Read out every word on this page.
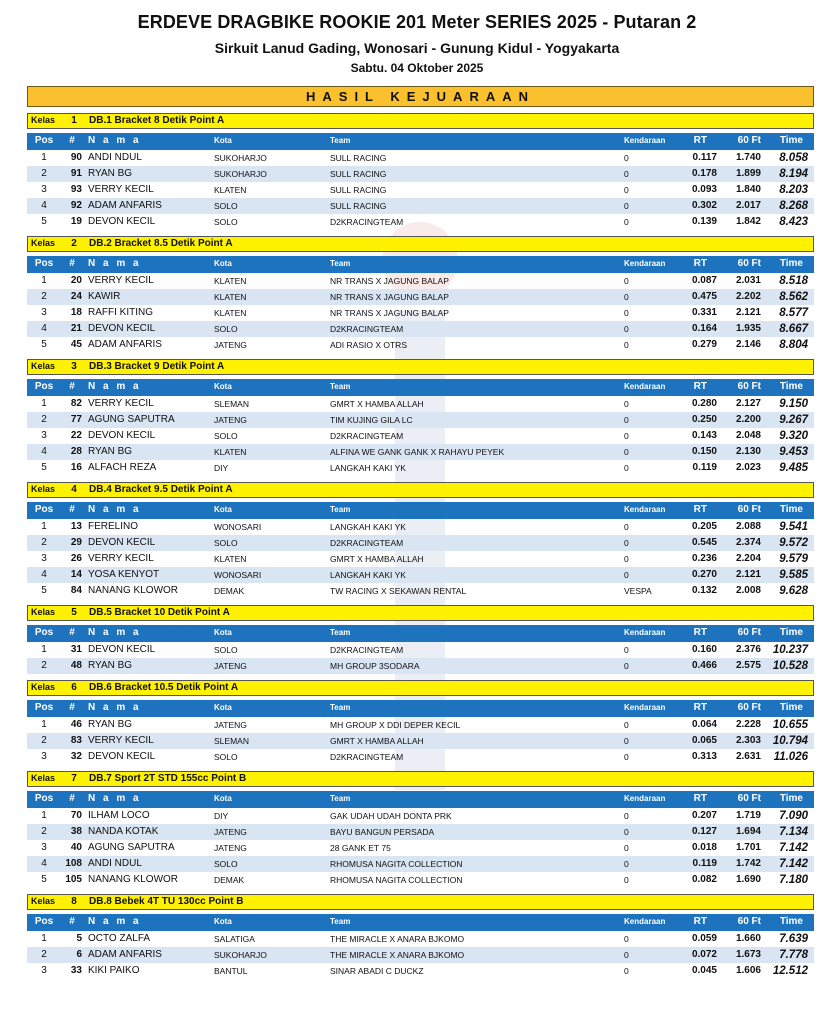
ERDEVE DRAGBIKE ROOKIE 201 Meter SERIES 2025 - Putaran 2
Sirkuit Lanud Gading, Wonosari - Gunung Kidul - Yogyakarta
Sabtu. 04 Oktober 2025
HASIL KEJUARAAN
Kelas	1	DB.1 Bracket 8 Detik Point A
Pos	#	N a m a	Kota	Team	Kendaraan	RT	60 Ft	Time
1	90 ANDI NDUL	SUKOHARJO	SULL RACING	0	0.117	1.740	8.058
2	91 RYAN BG	SUKOHARJO	SULL RACING	0	0.178	1.899	8.194
3	93 VERRY KECIL	KLATEN	SULL RACING	0	0.093	1.840	8.203
4	92 ADAM ANFARIS	SOLO	SULL RACING	0	0.302	2.017	8.268
5	19 DEVON KECIL	SOLO	D2KRACINGTEAM	0	0.139	1.842	8.423
Kelas	2	DB.2 Bracket 8.5 Detik Point A
Pos	#	N a m a	Kota	Team	Kendaraan	RT	60 Ft	Time
1	20 VERRY KECIL	KLATEN	NR TRANS X JAGUNG BALAP	0	0.087	2.031	8.518
2	24 KAWIR	KLATEN	NR TRANS X JAGUNG BALAP	0	0.475	2.202	8.562
3	18 RAFFI KITING	KLATEN	NR TRANS X JAGUNG BALAP	0	0.331	2.121	8.577
4	21 DEVON KECIL	SOLO	D2KRACINGTEAM	0	0.164	1.935	8.667
5	45 ADAM ANFARIS	JATENG	ADI RASIO X OTRS	0	0.279	2.146	8.804
Kelas	3	DB.3 Bracket 9 Detik Point A
Pos	#	N a m a	Kota	Team	Kendaraan	RT	60 Ft	Time
1	82 VERRY KECIL	SLEMAN	GMRT X HAMBA ALLAH	0	0.280	2.127	9.150
2	77 AGUNG SAPUTRA	JATENG	TIM KUJING GILA LC	0	0.250	2.200	9.267
3	22 DEVON KECIL	SOLO	D2KRACINGTEAM	0	0.143	2.048	9.320
4	28 RYAN BG	KLATEN	ALFINA WE GANK GANK X RAHAYU PEYEK	0	0.150	2.130	9.453
5	16 ALFACH REZA	DIY	LANGKAH KAKI YK	0	0.119	2.023	9.485
Kelas	4	DB.4 Bracket 9.5 Detik Point A
Pos	#	N a m a	Kota	Team	Kendaraan	RT	60 Ft	Time
1	13 FERELINO	WONOSARI	LANGKAH KAKI YK	0	0.205	2.088	9.541
2	29 DEVON KECIL	SOLO	D2KRACINGTEAM	0	0.545	2.374	9.572
3	26 VERRY KECIL	KLATEN	GMRT X HAMBA ALLAH	0	0.236	2.204	9.579
4	14 YOSA KENYOT	WONOSARI	LANGKAH KAKI YK	0	0.270	2.121	9.585
5	84 NANANG KLOWOR	DEMAK	TW RACING X SEKAWAN RENTAL	VESPA	0.132	2.008	9.628
Kelas	5	DB.5 Bracket 10 Detik Point A
Pos	#	N a m a	Kota	Team	Kendaraan	RT	60 Ft	Time
1	31 DEVON KECIL	SOLO	D2KRACINGTEAM	0	0.160	2.376	10.237
2	48 RYAN BG	JATENG	MH GROUP 3SODARA	0	0.466	2.575	10.528
Kelas	6	DB.6 Bracket 10.5 Detik Point A
Pos	#	N a m a	Kota	Team	Kendaraan	RT	60 Ft	Time
1	46 RYAN BG	JATENG	MH GROUP X DDI DEPER KECIL	0	0.064	2.228	10.655
2	83 VERRY KECIL	SLEMAN	GMRT X HAMBA ALLAH	0	0.065	2.303	10.794
3	32 DEVON KECIL	SOLO	D2KRACINGTEAM	0	0.313	2.631	11.026
Kelas	7	DB.7 Sport 2T STD 155cc Point B
Pos	#	N a m a	Kota	Team	Kendaraan	RT	60 Ft	Time
1	70 ILHAM LOCO	DIY	GAK UDAH UDAH DONTA PRK	0	0.207	1.719	7.090
2	38 NANDA KOTAK	JATENG	BAYU BANGUN PERSADA	0	0.127	1.694	7.134
3	40 AGUNG SAPUTRA	JATENG	28 GANK ET 75	0	0.018	1.701	7.142
4	108 ANDI NDUL	SOLO	RHOMUSA NAGITA COLLECTION	0	0.119	1.742	7.142
5	105 NANANG KLOWOR	DEMAK	RHOMUSA NAGITA COLLECTION	0	0.082	1.690	7.180
Kelas	8	DB.8 Bebek 4T TU 130cc Point B
Pos	#	N a m a	Kota	Team	Kendaraan	RT	60 Ft	Time
1	5 OCTO ZALFA	SALATIGA	THE MIRACLE X ANARA BJKOMO	0	0.059	1.660	7.639
2	6 ADAM ANFARIS	SUKOHARJO	THE MIRACLE X ANARA BJKOMO	0	0.072	1.673	7.778
3	33 KIKI PAIKO	BANTUL	SINAR ABADI C DUCKZ	0	0.045	1.606	12.512
